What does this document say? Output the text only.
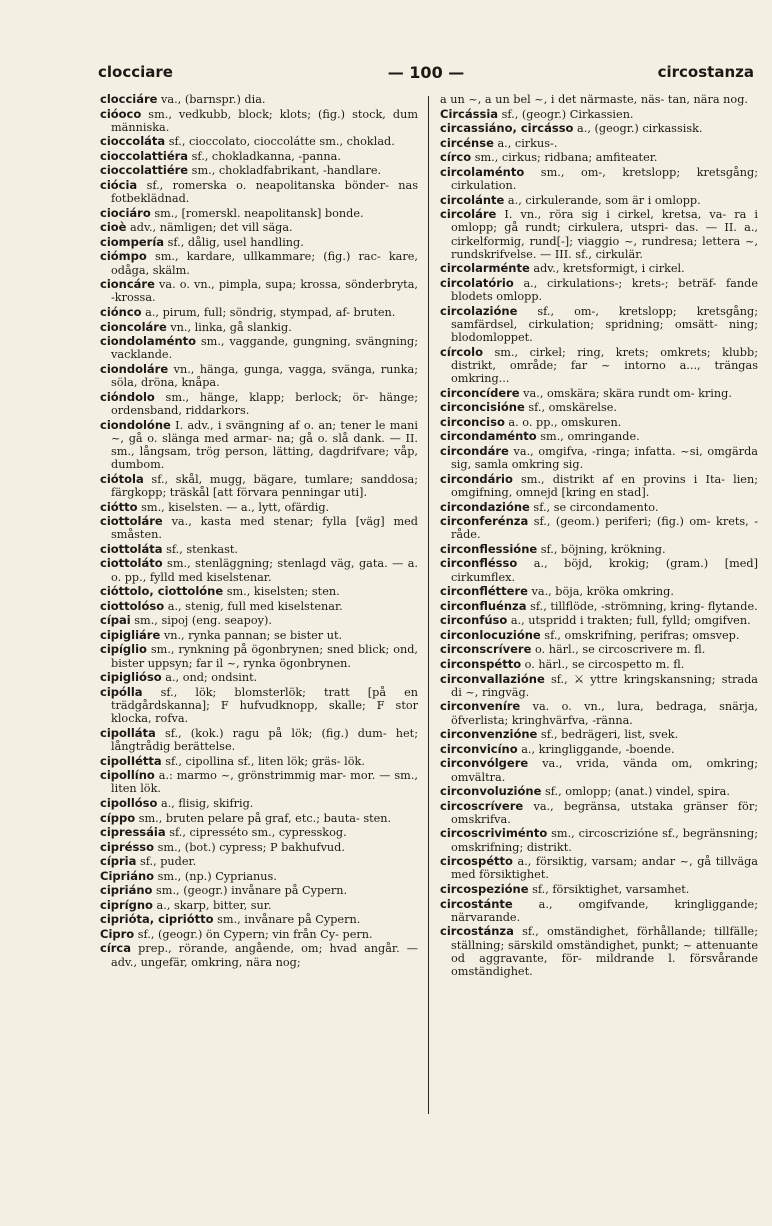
clocciare	— 100 —	circostanza
clocciáre va., (barnspr.) dia.
cióoco sm., vedkubb, block; klots; (fig.) stock, dum människa.
cioccoláta sf., cioccolato, cioccolátte sm., choklad.
cioccolattiéra sf., chokladkanna, -panna.
cioccolattiére sm., chokladfabrikant, -handlare.
ciócia sf., romerska o. neapolitanska bönder- nas fotbeklädnad.
ciociáro sm., [romerskl. neapolitansk] bonde.
cioè adv., nämligen; det vill säga.
ciompería sf., dålig, usel handling.
ciómpo sm., kardare, ullkammare; (fig.) rac- kare, odåga, skälm.
cioncáre va. o. vn., pimpla, supa; krossa, sönderbryta, -krossa.
ciónco a., pirum, full; söndrig, stympad, af- bruten.
cioncoláre vn., linka, gå slankig.
ciondolaménto sm., vaggande, gungning, svängning; vacklande.
ciondoláre vn., hänga, gunga, vagga, svänga, runka; söla, dröna, knåpa.
ciόndolo sm., hänge, klapp; berlock; ör- hänge; ordensband, riddarkors.
ciondolóne I. adv., i svängning af o. an; tener le mani ~, gå o. slänga med armar- na; gå o. slå dank. — II. sm., långsam, trög person, lätting, dagdrifvare; våp, dumbom.
ciótola sf., skål, mugg, bägare, tumlare; sanddosa; färgkopp; träskål [att förvara penningar uti].
ciótto sm., kiselsten. — a., lytt, ofärdig.
ciottoláre va., kasta med stenar; fylla [väg] med småsten.
ciottoláta sf., stenkast.
ciottoláto sm., stenläggning; stenlagd väg, gata. — a. o. pp., fylld med kiselstenar.
ciόttolo, ciottolóne sm., kiselsten; sten.
ciottolóso a., stenig, full med kiselstenar.
cípai sm., sipoj (eng. seapoy).
cipigliáre vn., rynka pannan; se bister ut.
cipíglio sm., rynkning på ögonbrynen; sned blick; ond, bister uppsyn; far il ~, rynka ögonbrynen.
cipiglióso a., ond; ondsint.
cipólla sf., lök; blomsterlök; tratt [på en trädgårdskanna]; F hufvudknopp, skalle; F stor klocka, rofva.
cipolláta sf., (kok.) ragu på lök; (fig.) dum- het; långtrådig berättelse.
cipolIétta sf., cipollina sf., liten lök; gräs- lök.
cipollíno a.: marmo ~, grönstrimmig mar- mor. — sm., liten lök.
cipollóso a., flisig, skifrig.
cíppo sm., bruten pelare på graf, etc.; bauta- sten.
cipressáia sf., cipresséto sm., cypresskog.
ciprésso sm., (bot.) cypress; P bakhufvud.
cípria sf., puder.
Cipriáno sm., (np.) Cyprianus.
cipriáno sm., (geogr.) invånare på Cypern.
ciprígno a., skarp, bitter, sur.
cipriόta, cipriόtto sm., invånare på Cypern.
Cipro sf., (geogr.) ön Cypern; vin från Cy- pern.
círca prep., rörande, angående, om; hvad angår. — adv., ungefär, omkring, nära nog;
a un ~, a un bel ~, i det närmaste, näs- tan, nära nog.
Circássia sf., (geogr.) Cirkassien.
circassiáno, circásso a., (geogr.) cirkassisk.
circénse a., cirkus-.
círco sm., cirkus; ridbana; amfiteater.
circolaménto sm., om-, kretslopp; kretsgång; cirkulation.
circolánte a., cirkulerande, som är i omlopp.
circoláre I. vn., röra sig i cirkel, kretsa, va- ra i omlopp; gå rundt; cirkulera, utspri- das. — II. a., cirkelformig, rund[-]; viaggio ~, rundresa; lettera ~, rundskrifvelse. — III. sf., cirkulär.
circolarménte adv., kretsformigt, i cirkel.
circolatório a., cirkulations-; krets-; beträf- fande blodets omlopp.
circolazióne sf., om-, kretslopp; kretsgång; samfärdsel, cirkulation; spridning; omsätt- ning; blodomloppet.
círcolo sm., cirkel; ring, krets; omkrets; klubb; distrikt, område; far ~ intorno a..., trängas omkring...
circoncídere va., omskära; skära rundt om- kring.
circoncisióne sf., omskärelse.
circonciso a. o. pp., omskuren.
circondaménto sm., omringande.
circondáre va., omgifva, -ringa; infatta. ~si, omgärda sig, samla omkring sig.
circondário sm., distrikt af en provins i Ita- lien; omgifning, omnejd [kring en stad].
circondazióne sf., se circondamento.
circonferénza sf., (geom.) periferi; (fig.) om- krets, -råde.
circonflessióne sf., böjning, krökning.
circonflésso a., böjd, krokig; (gram.) [med] cirkumflex.
circonfléttere va., böja, kröka omkring.
circonfluénza sf., tillflöde, -strömning, kring- flytande.
circonfúso a., utspridd i trakten; full, fylld; omgifven.
circonlocuzióne sf., omskrifning, perifras; omsvep.
circonscrívere o. härl., se circoscrivere m. fl.
circonspétto o. härl., se circospetto m. fl.
circonvallazióne sf., ⚔ yttre kringskansning; strada di ~, ringväg.
circonveníre va. o. vn., lura, bedraga, snärja, öfverlista; kringhvärfva, -ränna.
circonvenzióne sf., bedrägeri, list, svek.
circonvicíno a., kringliggande, -boende.
circonvólgere va., vrida, vända om, omkring; omvältra.
circonvoluzióne sf., omlopp; (anat.) vindel, spira.
circoscrívere va., begränsa, utstaka gränser för; omskrifva.
circoscriviménto sm., circoscrizióne sf., begränsning; omskrifning; distrikt.
circospétto a., försiktig, varsam; andar ~, gå tillväga med försiktighet.
circospezióne sf., försiktighet, varsamhet.
circostánte a., omgifvande, kringliggande; närvarande.
circostánza sf., omständighet, förhållande; tillfälle; ställning; särskild omständighet, punkt; ~ attenuante od aggravante, för- mildrande l. försvårande omständighet.
